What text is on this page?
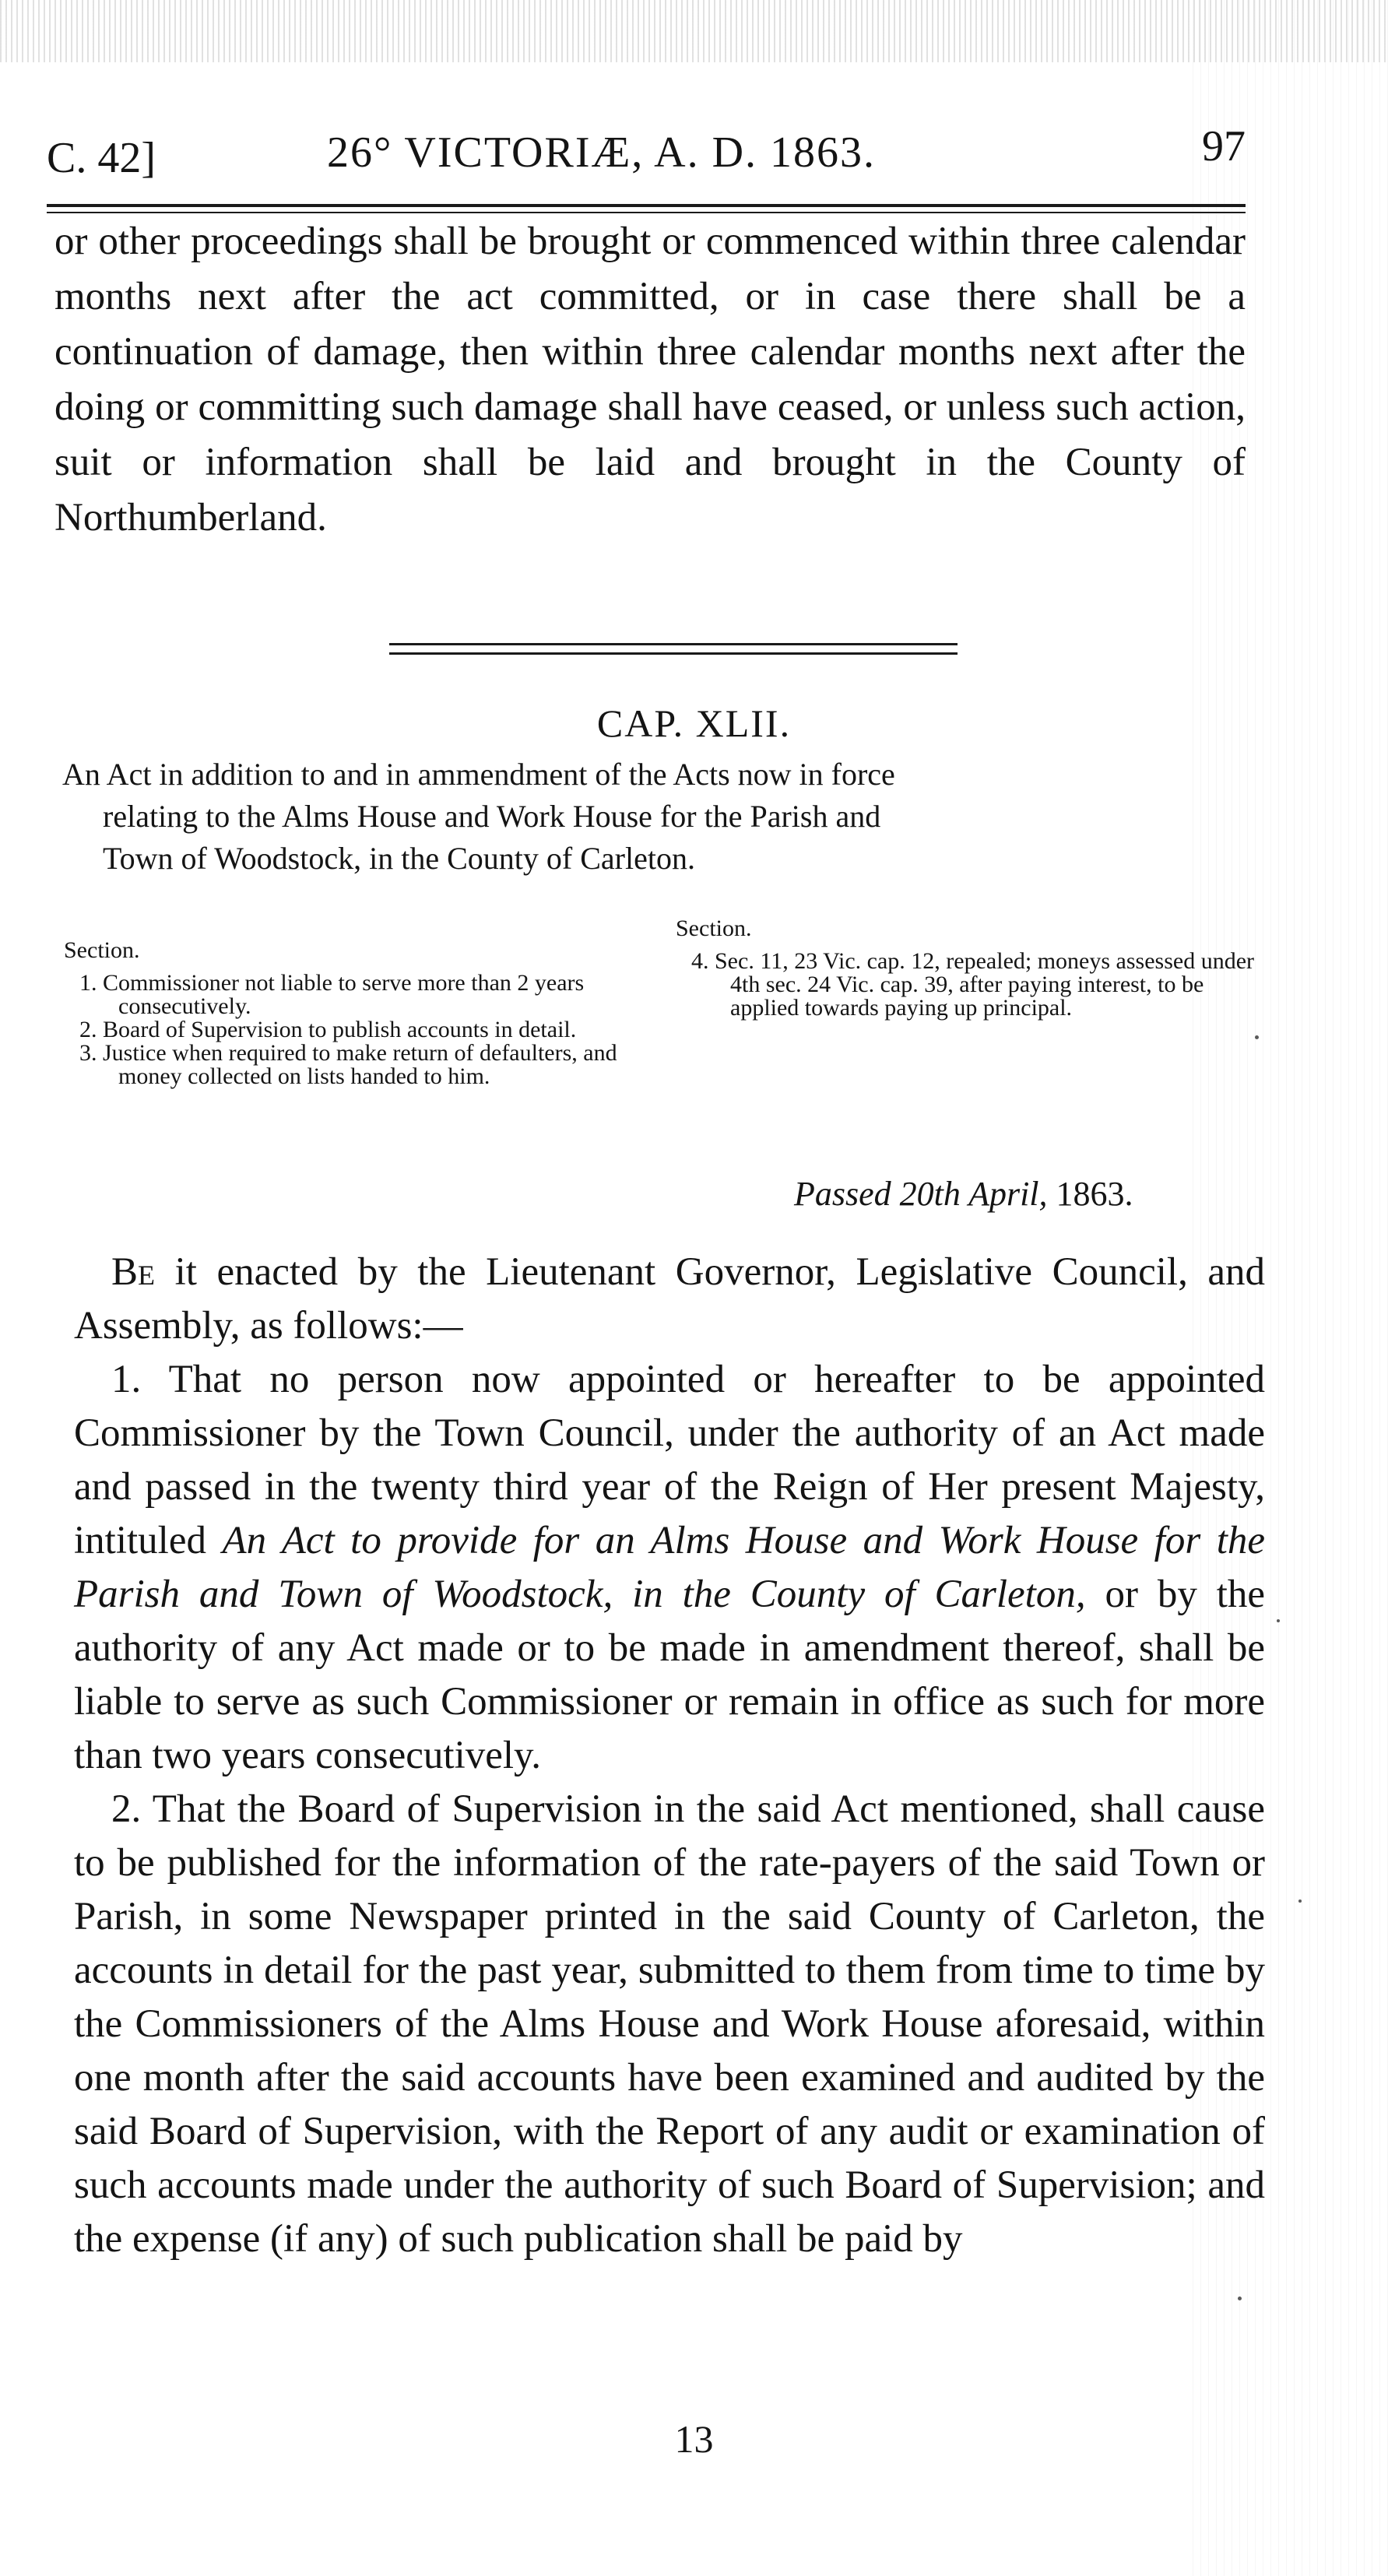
C. 42]	26° VICTORIÆ, A. D. 1863.	97

or other proceedings shall be brought or commenced within three calendar months next after the act committed, or in case there shall be a continuation of damage, then within three calendar months next after the doing or committing such damage shall have ceased, or unless such action, suit or information shall be laid and brought in the County of Northumberland.

CAP. XLII.

An Act in addition to and in ammendment of the Acts now in force
relating to the Alms House and Work House for the Parish and
Town of Woodstock, in the County of Carleton.

Section.

1. Commissioner not liable to serve more than 2 years consecutively.

2. Board of Supervision to publish accounts in detail.

3. Justice when required to make return of defaulters, and money collected on lists handed to him.

Section.

4. Sec. 11, 23 Vic. cap. 12, repealed; moneys assessed under 4th sec. 24 Vic. cap. 39, after paying interest, to be applied towards paying up principal.

Passed 20th April, 1863.

Be it enacted by the Lieutenant Governor, Legislative Council, and Assembly, as follows:—

1. That no person now appointed or hereafter to be appointed Commissioner by the Town Council, under the authority of an Act made and passed in the twenty third year of the Reign of Her present Majesty, intituled An Act to provide for an Alms House and Work House for the Parish and Town of Woodstock, in the County of Carleton, or by the authority of any Act made or to be made in amendment thereof, shall be liable to serve as such Commissioner or remain in office as such for more than two years consecutively.

2. That the Board of Supervision in the said Act mentioned, shall cause to be published for the information of the rate-payers of the said Town or Parish, in some Newspaper printed in the said County of Carleton, the accounts in detail for the past year, submitted to them from time to time by the Commissioners of the Alms House and Work House aforesaid, within one month after the said accounts have been examined and audited by the said Board of Supervision, with the Report of any audit or examination of such accounts made under the authority of such Board of Supervision; and the expense (if any) of such publication shall be paid by

13
